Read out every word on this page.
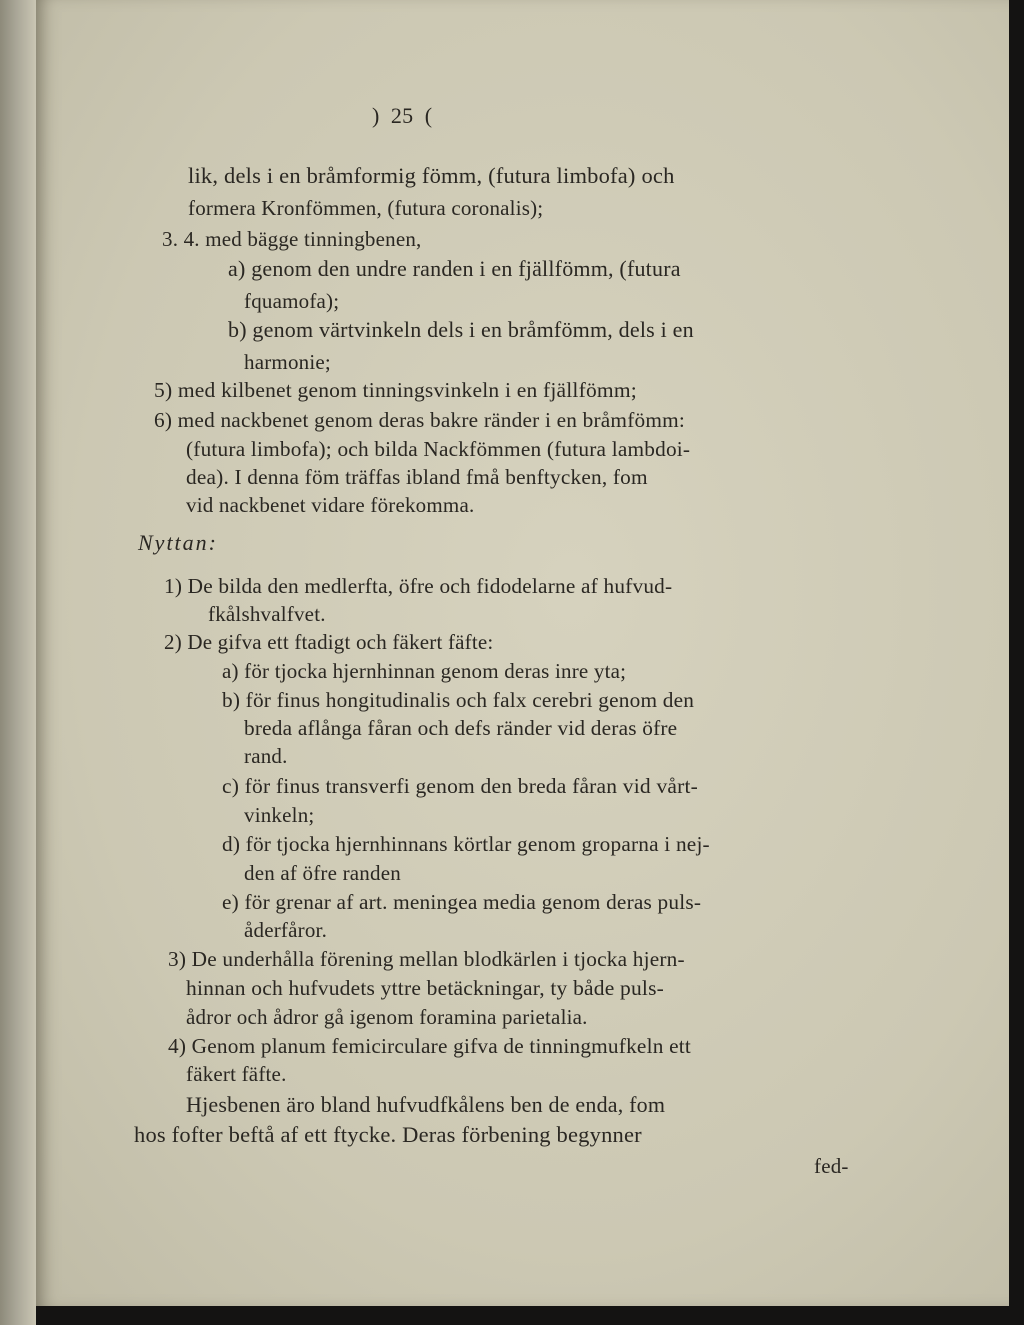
)  25  (
lik, dels i en bråmformig fömm, (futura limbofa) och
formera Kronfömmen, (futura coronalis);
3. 4. med bägge tinningbenen,
a) genom den undre randen i en fjällfömm, (futura
fquamofa);
b) genom värtvinkeln dels i en bråmfömm, dels i en
harmonie;
5) med kilbenet genom tinningsvinkeln i en fjällfömm;
6) med nackbenet genom deras bakre ränder i en bråmfömm:
(futura limbofa); och bilda Nackfömmen (futura lambdoi-
dea). I denna föm träffas ibland fmå benftycken, fom
vid nackbenet vidare förekomma.
Nyttan:
1) De bilda den medlerfta, öfre och fidodelarne af hufvud-
fkålshvalfvet.
2) De gifva ett ftadigt och fäkert fäfte:
a) för tjocka hjernhinnan genom deras inre yta;
b) för finus hongitudinalis och falx cerebri genom den
breda aflånga fåran och defs ränder vid deras öfre
rand.
c) för finus transverfi genom den breda fåran vid vårt-
vinkeln;
d) för tjocka hjernhinnans körtlar genom groparna i nej-
den af öfre randen
e) för grenar af art. meningea media genom deras puls-
åderfåror.
3) De underhålla förening mellan blodkärlen i tjocka hjern-
hinnan och hufvudets yttre betäckningar, ty både puls-
ådror och ådror gå igenom foramina parietalia.
4) Genom planum femicirculare gifva de tinningmufkeln ett
fäkert fäfte.
Hjesbenen äro bland hufvudfkålens ben de enda, fom
hos fofter beftå af ett ftycke. Deras förbening begynner
fed-
